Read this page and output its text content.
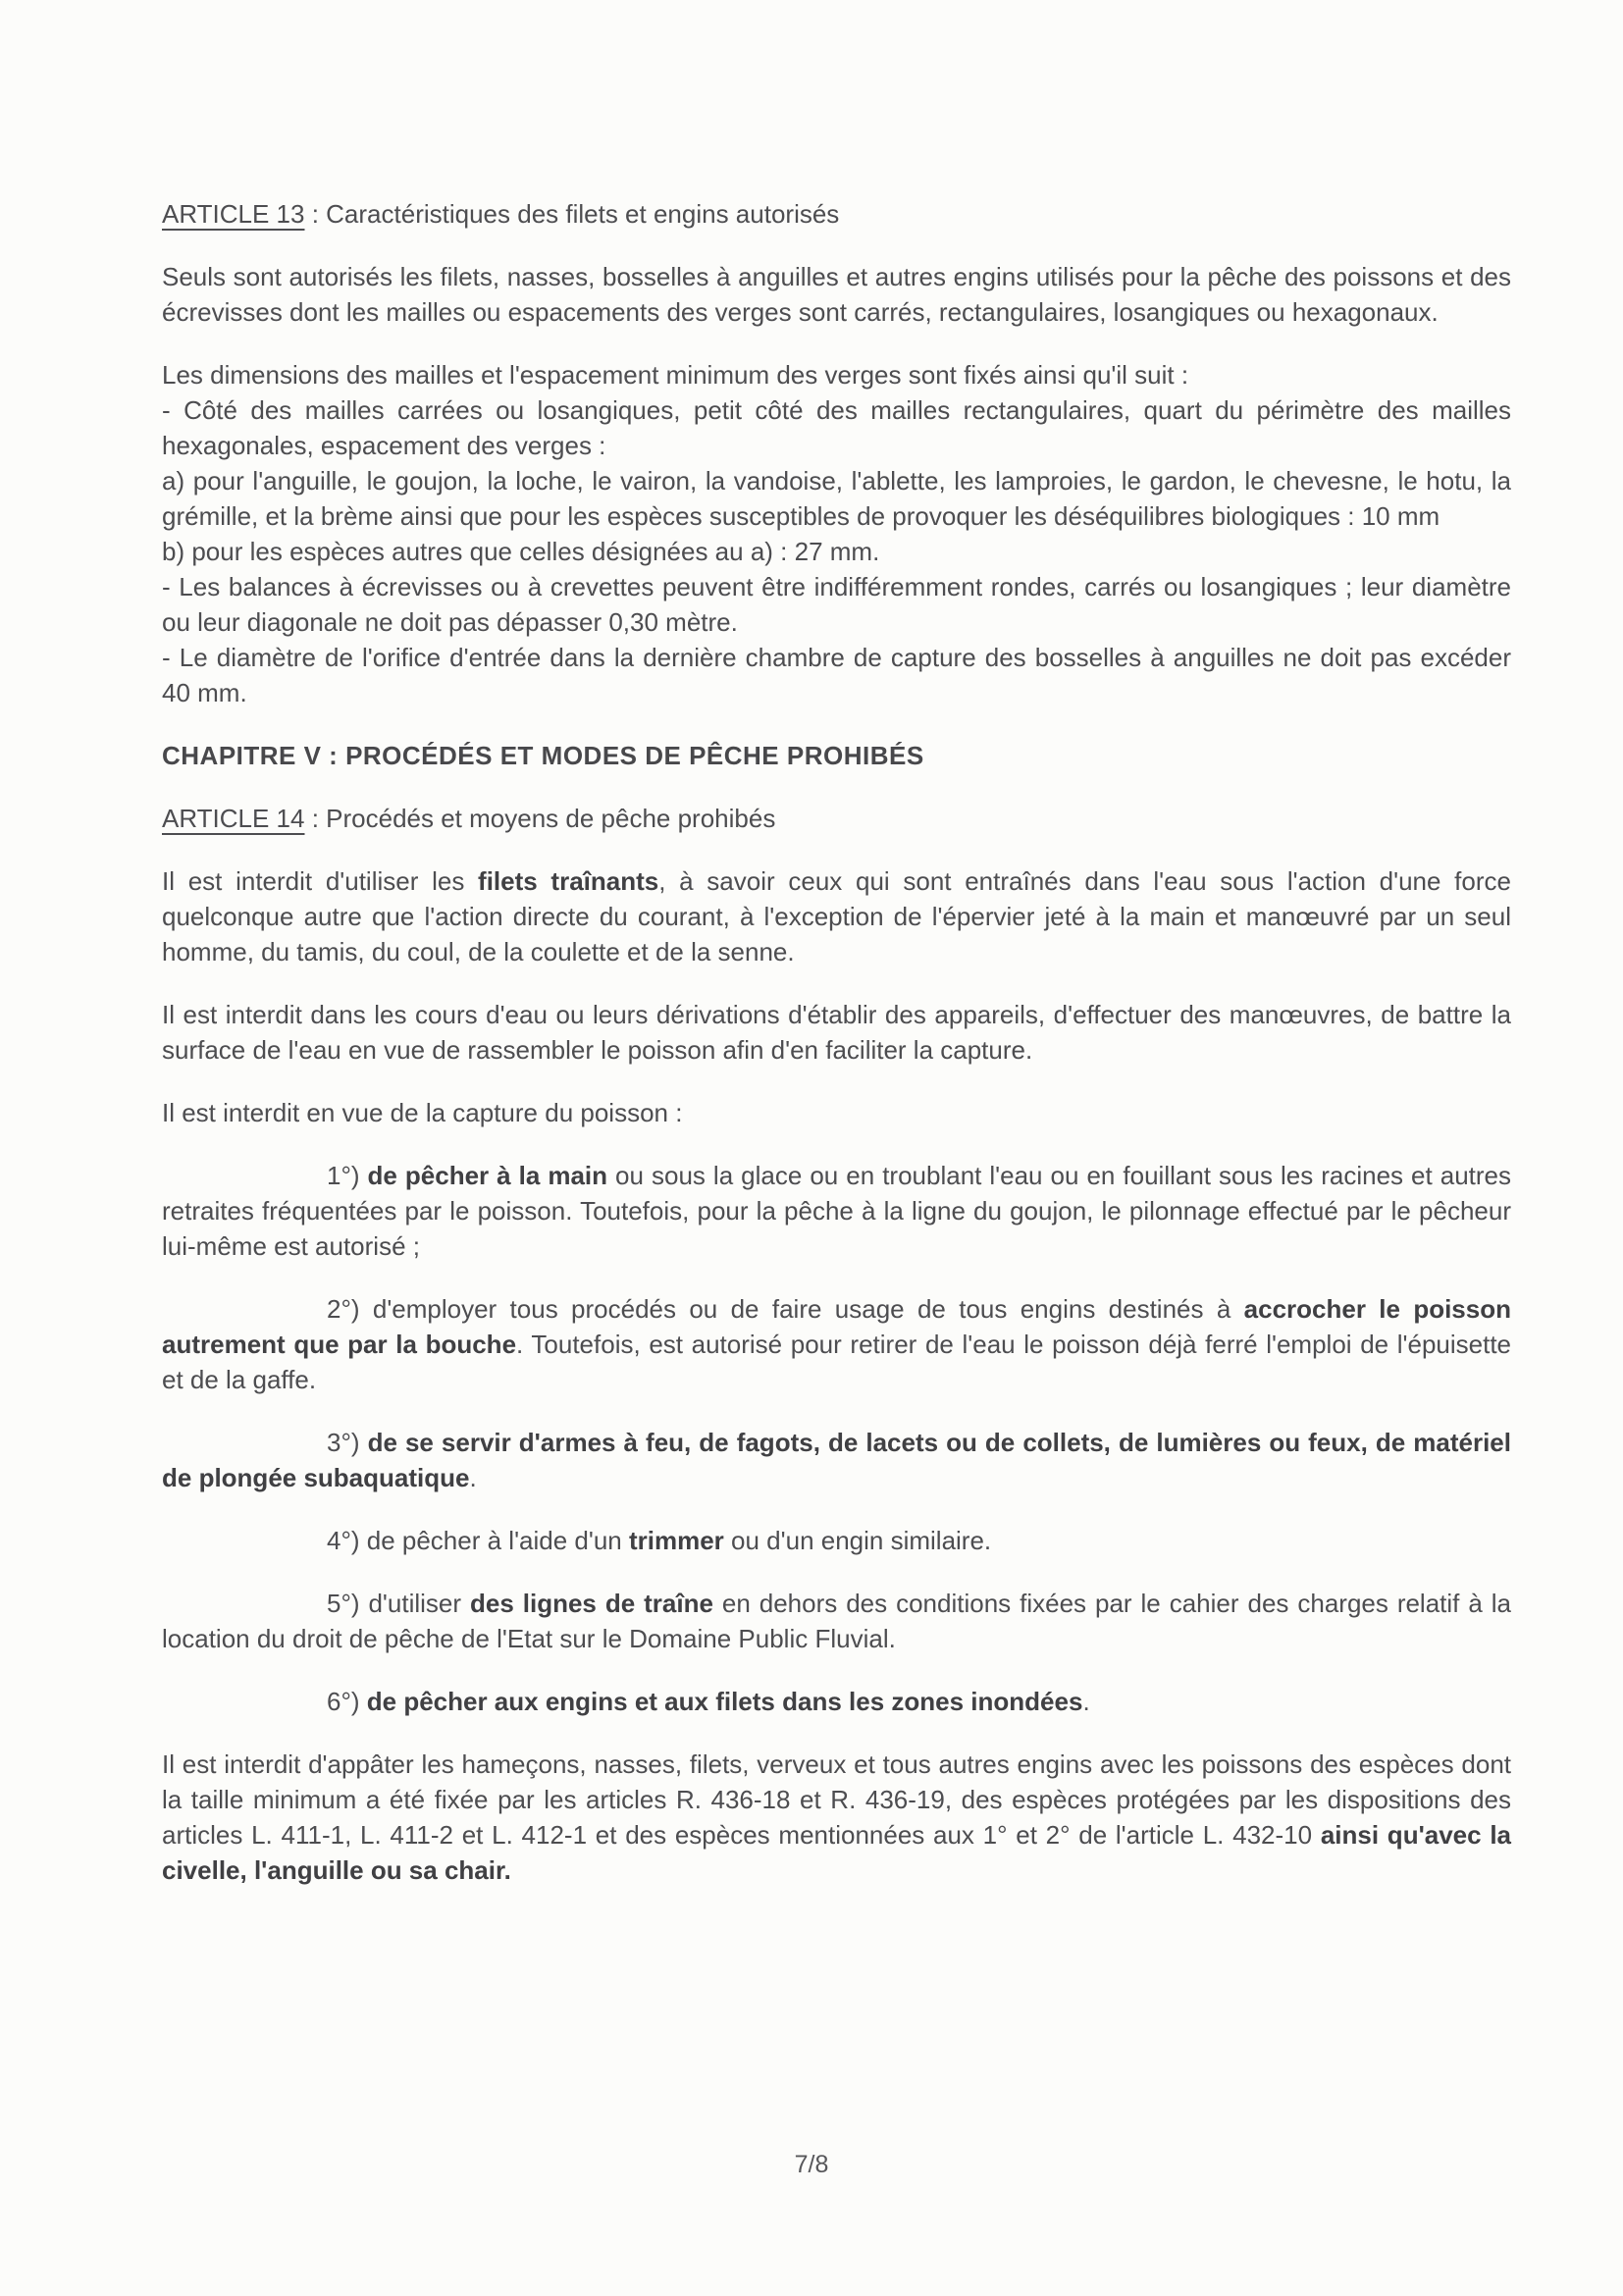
ARTICLE 13 : Caractéristiques des filets et engins autorisés

Seuls sont autorisés les filets, nasses, bosselles à anguilles et autres engins utilisés pour la pêche des poissons et des écrevisses dont les mailles ou espacements des verges sont carrés, rectangulaires, losangiques ou hexagonaux.

Les dimensions des mailles et l'espacement minimum des verges sont fixés ainsi qu'il suit :

- Côté des mailles carrées ou losangiques, petit côté des mailles rectangulaires, quart du périmètre des mailles hexagonales, espacement des verges :

a) pour l'anguille, le goujon, la loche, le vairon, la vandoise, l'ablette, les lamproies, le gardon, le chevesne, le hotu, la grémille, et la brème ainsi que pour les espèces susceptibles de provoquer les déséquilibres biologiques : 10 mm

b) pour les espèces autres que celles désignées au a) : 27 mm.

- Les balances à écrevisses ou à crevettes peuvent être indifféremment rondes, carrés ou losangiques ; leur diamètre ou leur diagonale ne doit pas dépasser 0,30 mètre.

- Le diamètre de l'orifice d'entrée dans la dernière chambre de capture des bosselles à anguilles ne doit pas excéder 40 mm.

CHAPITRE V : PROCÉDÉS ET MODES DE PÊCHE PROHIBÉS

ARTICLE 14 : Procédés et moyens de pêche prohibés

Il est interdit d'utiliser les filets traînants, à savoir ceux qui sont entraînés dans l'eau sous l'action d'une force quelconque autre que l'action directe du courant, à l'exception de l'épervier jeté à la main et manœuvré par un seul homme, du tamis, du coul, de la coulette et de la senne.

Il est interdit dans les cours d'eau ou leurs dérivations d'établir des appareils, d'effectuer des manœuvres, de battre la surface de l'eau en vue de rassembler le poisson afin d'en faciliter la capture.

Il est interdit en vue de la capture du poisson :

1°) de pêcher à la main ou sous la glace ou en troublant l'eau ou en fouillant sous les racines et autres retraites fréquentées par le poisson. Toutefois, pour la pêche à la ligne du goujon, le pilonnage effectué par le pêcheur lui-même est autorisé ;

2°) d'employer tous procédés ou de faire usage de tous engins destinés à accrocher le poisson autrement que par la bouche. Toutefois, est autorisé pour retirer de l'eau le poisson déjà ferré l'emploi de l'épuisette et de la gaffe.

3°) de se servir d'armes à feu, de fagots, de lacets ou de collets, de lumières ou feux, de matériel de plongée subaquatique.

4°) de pêcher à l'aide d'un trimmer ou d'un engin similaire.

5°) d'utiliser des lignes de traîne en dehors des conditions fixées par le cahier des charges relatif à la location du droit de pêche de l'Etat sur le Domaine Public Fluvial.

6°) de pêcher aux engins et aux filets dans les zones inondées.

Il est interdit d'appâter les hameçons, nasses, filets, verveux et tous autres engins avec les poissons des espèces dont la taille minimum a été fixée par les articles R. 436-18 et R. 436-19, des espèces protégées par les dispositions des articles L. 411-1, L. 411-2 et L. 412-1 et des espèces mentionnées aux 1° et 2° de l'article L. 432-10 ainsi qu'avec la civelle, l'anguille ou sa chair.

7/8
